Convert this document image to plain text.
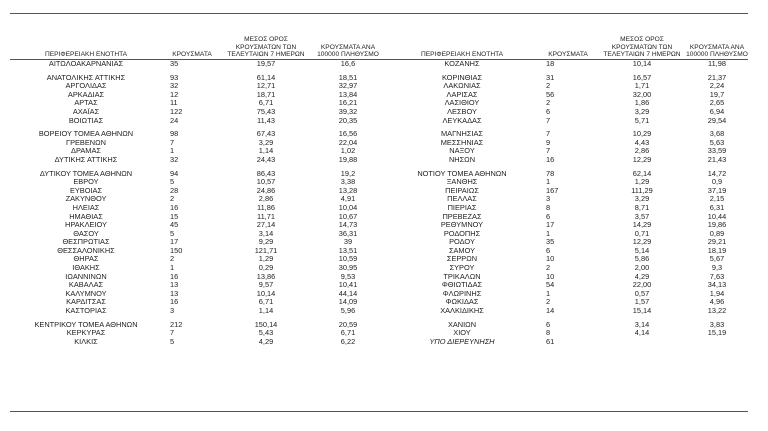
ΠΕΡΙΦΕΡΕΙΑΚΗ ΕΝΟΤΗΤΑ	ΚΡΟΥΣΜΑΤΑ	ΜΕΣΟΣ ΟΡΟΣ ΚΡΟΥΣΜΑΤΩΝ ΤΩΝ ΤΕΛΕΥΤΑΙΩΝ 7 ΗΜΕΡΩΝ	ΚΡΟΥΣΜΑΤΑ ΑΝΑ 100000 ΠΛΗΘΥΣΜΟ	ΠΕΡΙΦΕΡΕΙΑΚΗ ΕΝΟΤΗΤΑ	ΚΡΟΥΣΜΑΤΑ	ΜΕΣΟΣ ΟΡΟΣ ΚΡΟΥΣΜΑΤΩΝ ΤΩΝ ΤΕΛΕΥΤΑΙΩΝ 7 ΗΜΕΡΩΝ	ΚΡΟΥΣΜΑΤΑ ΑΝΑ 100000 ΠΛΗΘΥΣΜΟ
ΑΙΤΩΛΟΑΚΑΡΝΑΝΙΑΣ	35	19,57	16,6	ΚΟΖΑΝΗΣ	18	10,14	11,98

ΑΝΑΤΟΛΙΚΗΣ ΑΤΤΙΚΗΣ	93	61,14	18,51	ΚΟΡΙΝΘΙΑΣ	31	16,57	21,37
ΑΡΓΟΛΙΔΑΣ	32	12,71	32,97	ΛΑΚΩΝΙΑΣ	2	1,71	2,24
ΑΡΚΑΔΙΑΣ	12	18,71	13,84	ΛΑΡΙΣΑΣ	56	32,00	19,7
ΑΡΤΑΣ	11	6,71	16,21	ΛΑΣΙΘΙΟΥ	2	1,86	2,65
ΑΧΑΪΑΣ	122	75,43	39,32	ΛΕΣΒΟΥ	6	3,29	6,94
ΒΟΙΩΤΙΑΣ	24	11,43	20,35	ΛΕΥΚΑΔΑΣ	7	5,71	29,54

ΒΟΡΕΙΟΥ ΤΟΜΕΑ ΑΘΗΝΩΝ	98	67,43	16,56	ΜΑΓΝΗΣΙΑΣ	7	10,29	3,68
ΓΡΕΒΕΝΩΝ	7	3,29	22,04	ΜΕΣΣΗΝΙΑΣ	9	4,43	5,63
ΔΡΑΜΑΣ	1	1,14	1,02	ΝΑΞΟΥ	7	2,86	33,59
ΔΥΤΙΚΗΣ ΑΤΤΙΚΗΣ	32	24,43	19,88	ΝΗΣΩΝ	16	12,29	21,43

ΔΥΤΙΚΟΥ ΤΟΜΕΑ ΑΘΗΝΩΝ	94	86,43	19,2	ΝΟΤΙΟΥ ΤΟΜΕΑ ΑΘΗΝΩΝ	78	62,14	14,72
ΕΒΡΟΥ	5	10,57	3,38	ΞΑΝΘΗΣ	1	1,29	0,9
ΕΥΒΟΙΑΣ	28	24,86	13,28	ΠΕΙΡΑΙΩΣ	167	111,29	37,19
ΖΑΚΥΝΘΟΥ	2	2,86	4,91	ΠΕΛΛΑΣ	3	3,29	2,15
ΗΛΕΙΑΣ	16	11,86	10,04	ΠΙΕΡΙΑΣ	8	8,71	6,31
ΗΜΑΘΙΑΣ	15	11,71	10,67	ΠΡΕΒΕΖΑΣ	6	3,57	10,44
ΗΡΑΚΛΕΙΟΥ	45	27,14	14,73	ΡΕΘΥΜΝΟΥ	17	14,29	19,86
ΘΑΣΟΥ	5	3,14	36,31	ΡΟΔΟΠΗΣ	1	0,71	0,89
ΘΕΣΠΡΩΤΙΑΣ	17	9,29	39	ΡΟΔΟΥ	35	12,29	29,21
ΘΕΣΣΑΛΟΝΙΚΗΣ	150	121,71	13,51	ΣΑΜΟΥ	6	5,14	18,19
ΘΗΡΑΣ	2	1,29	10,59	ΣΕΡΡΩΝ	10	5,86	5,67
ΙΘΑΚΗΣ	1	0,29	30,95	ΣΥΡΟΥ	2	2,00	9,3
ΙΩΑΝΝΙΝΩΝ	16	13,86	9,53	ΤΡΙΚΑΛΩΝ	10	4,29	7,63
ΚΑΒΑΛΑΣ	13	9,57	10,41	ΦΘΙΩΤΙΔΑΣ	54	22,00	34,13
ΚΑΛΥΜΝΟΥ	13	10,14	44,14	ΦΛΩΡΙΝΗΣ	1	0,57	1,94
ΚΑΡΔΙΤΣΑΣ	16	6,71	14,09	ΦΩΚΙΔΑΣ	2	1,57	4,96
ΚΑΣΤΟΡΙΑΣ	3	1,14	5,96	ΧΑΛΚΙΔΙΚΗΣ	14	15,14	13,22

ΚΕΝΤΡΙΚΟΥ ΤΟΜΕΑ ΑΘΗΝΩΝ	212	150,14	20,59	ΧΑΝΙΩΝ	6	3,14	3,83
ΚΕΡΚΥΡΑΣ	7	5,43	6,71	ΧΙΟΥ	8	4,14	15,19
ΚΙΛΚΙΣ	5	4,29	6,22	ΥΠΟ ΔΙΕΡΕΥΝΗΣΗ	61		
